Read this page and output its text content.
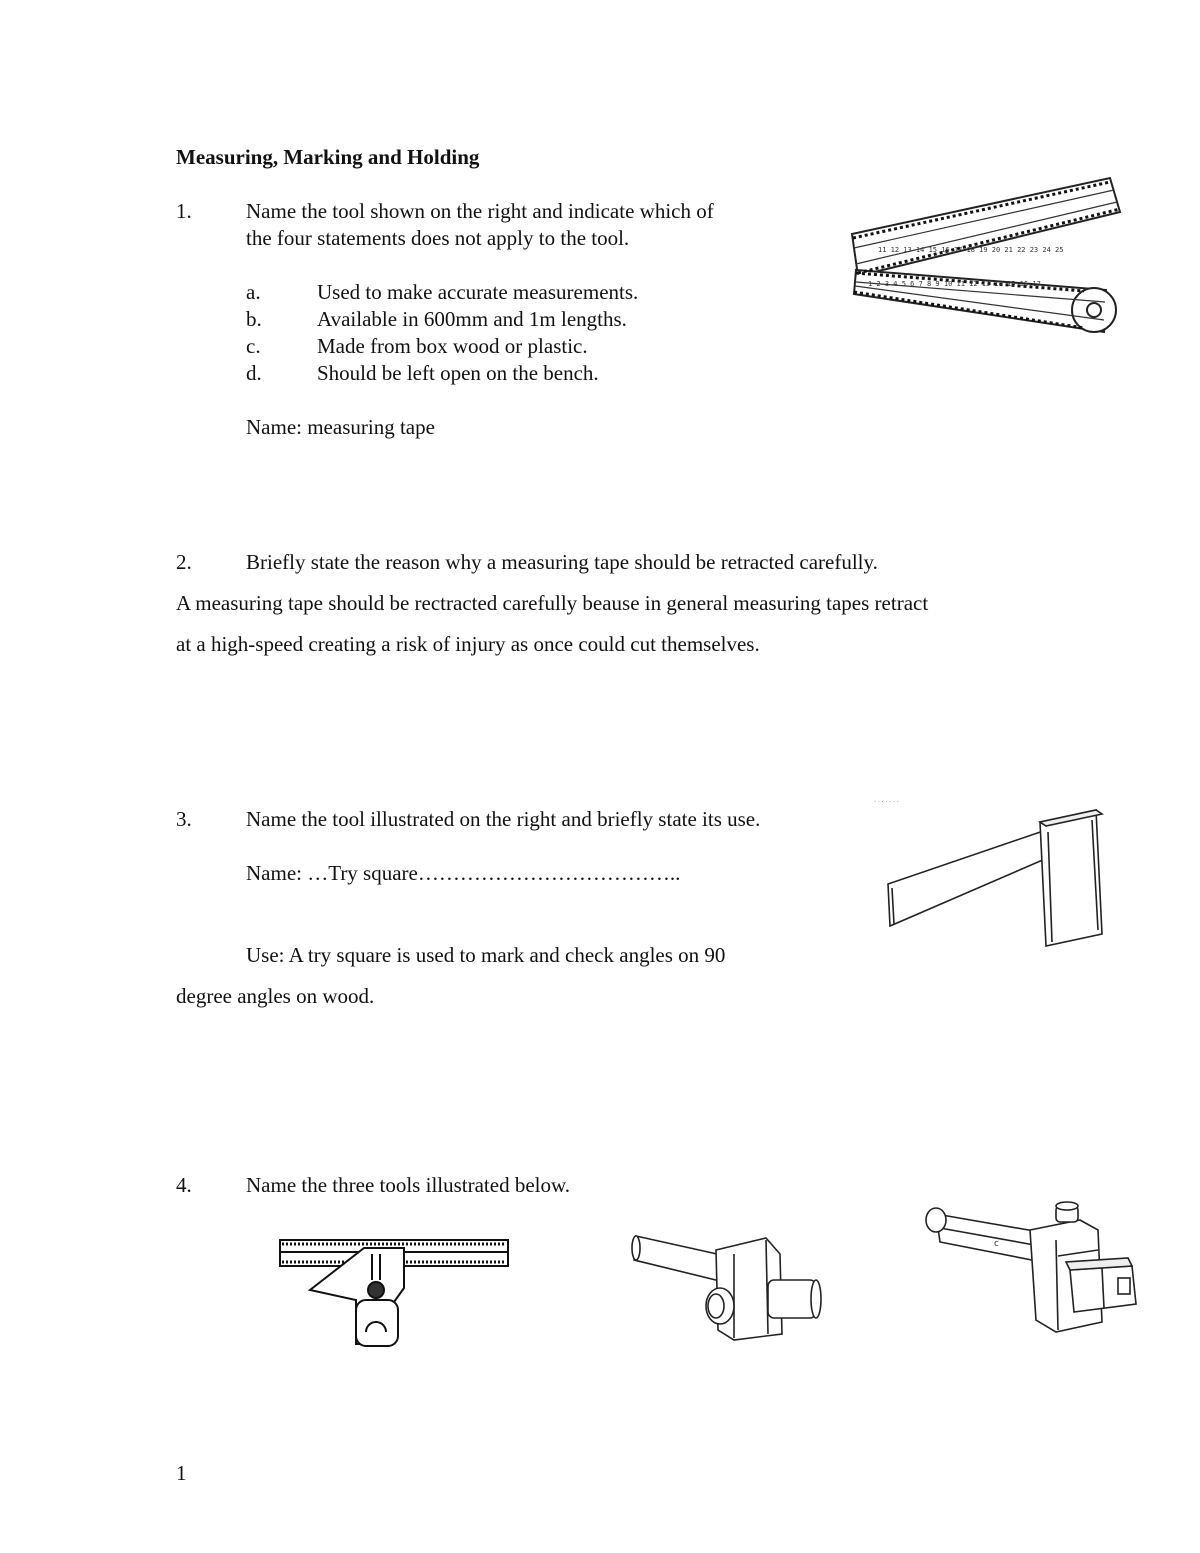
Measuring, Marking and Holding
1.	Name the tool shown on the right and indicate which of
the four statements does not apply to the tool.
a.	Used to make accurate measurements.
b.	Available in 600mm and 1m lengths.
c.	Made from box wood or plastic.
d.	Should be left open on the bench.
Name: measuring tape
11 12 13 14 15 16 17 18 19 20 21 22 23 24 25
1 2 3 4 5 6 7 8 9 10 11 12 13 14 15 16 17
2.	Briefly state the reason why a measuring tape should be retracted carefully.
A measuring tape should be rectracted carefully beause in general measuring tapes retract
at a high-speed creating a risk of injury as once could cut themselves.
3.	Name the tool illustrated on the right and briefly state its use.
Name: …Try square………………………………..
Use: A try square is used to mark and check angles on 90
degree angles on wood.
. . . . . . .
4.	Name the three tools illustrated below.
c
1
